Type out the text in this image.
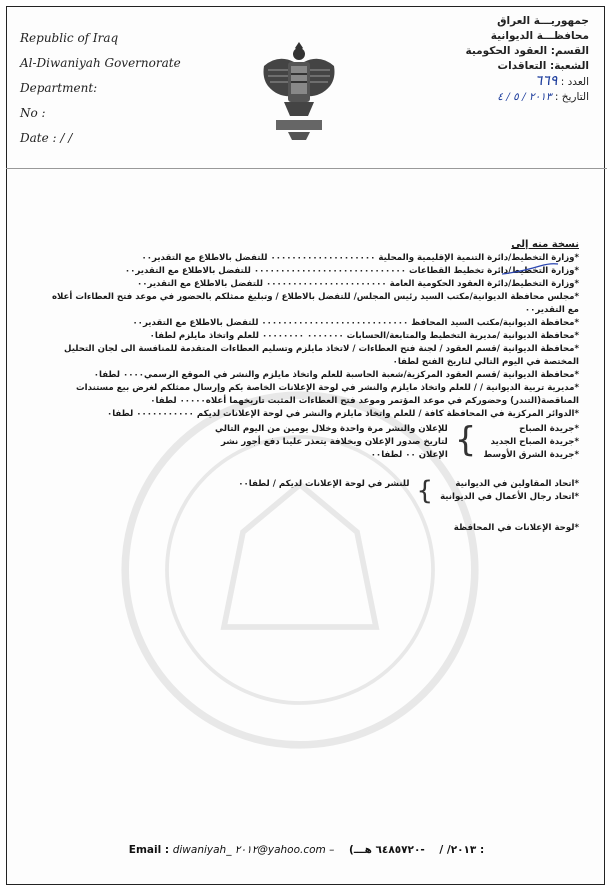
Republic of Iraq
Al-Diwaniyah Governorate
Department:
No :
Date : / /
جمهوريـــة العراق
محافظـــة الديوانية
القسم: العقود الحكومية
الشعبة: التعاقدات
العدد : ٦٦٩
التاريخ : ٢٠١٣ / ٥ / ٤
نسخة منه إلى
*وزارة التخطيط/دائرة التنمية الإقليمية والمحلية ٠٠٠٠٠٠٠٠٠٠٠٠٠٠٠٠٠٠٠٠ للتفضل بالاطلاع مع التقدير٠٠
*وزارة التخطيط/دائرة تخطيط القطاعات ٠٠٠٠٠٠٠٠٠٠٠٠٠٠٠٠٠٠٠٠٠٠٠٠٠٠٠٠٠ للتفضل بالاطلاع مع التقدير٠٠
*وزارة التخطيط/دائرة العقود الحكومية العامة ٠٠٠٠٠٠٠٠٠٠٠٠٠٠٠٠٠٠٠٠٠٠٠ للتفضل بالاطلاع مع التقدير٠٠
*مجلس محافظة الديوانية/مكتب السيد رئيس المجلس/ للتفضل بالاطلاع / وتبليغ ممثلكم بالحضور في موعد فتح العطاءات أعلاه مع التقدير٠٠
*محافظة الديوانية/مكتب السيد المحافظ ٠٠٠٠٠٠٠٠٠٠٠٠٠٠٠٠٠٠٠٠٠٠٠٠٠٠٠٠ للتفضل بالاطلاع مع التقدير٠٠
*محافظة الديوانية /مديرية التخطيط والمتابعة/الحسابات ٠٠٠٠٠٠٠ ٠٠٠٠٠٠٠٠ للعلم واتخاذ مايلزم لطفا٠
*محافظة الديوانية /قسم العقود / لجنة فتح العطاءات / لاتخاذ مايلزم وتسليم العطاءات المتقدمة للمنافسة الى لجان التحليل المختصة في اليوم التالي لتاريخ الفتح لطفا٠
*محافظة الديوانية /قسم العقود المركزية/شعبة الحاسبة للعلم واتخاذ مايلزم والنشر في الموقع الرسمي٠٠٠٠ لطفا٠
*مديرية تربية الديوانية / / للعلم واتخاذ مايلزم والنشر في لوحة الإعلانات الخاصة بكم وإرسال ممثلكم لغرض بيع مستندات المناقصة(التندر) وحضوركم في موعد المؤتمر وموعد فتح العطاءات المثبت تاريخهما أعلاه٠٠٠٠٠ لطفا٠
*الدوائر المركزية في المحافظة كافة / للعلم واتخاذ مايلزم والنشر في لوحة الإعلانات لديكم ٠٠٠٠٠٠٠٠٠٠٠ لطفا٠
*جريدة الصباح
*جريدة الصباح الجديد
*جريدة الشرق الأوسط
} للإعلان والنشر مرة واحدة وخلال يومين من اليوم التالي لتاريخ صدور الإعلان وبخلافة يتعذر علينا دفع أجور نشر الإعلان ٠٠ لطفا٠٠
*اتحاد المقاولين في الديوانية
*اتحاد رجال الأعمال في الديوانية
} للنشر في لوحة الإعلانات لديكم / لطفا٠٠
*لوحة الإعلانات في المحافظة
Email : diwaniyah_ ٢٠١٢@yahoo.com – (٢٠١٣/ /    -٦٤٨٥٧٢٠ هـــ :
